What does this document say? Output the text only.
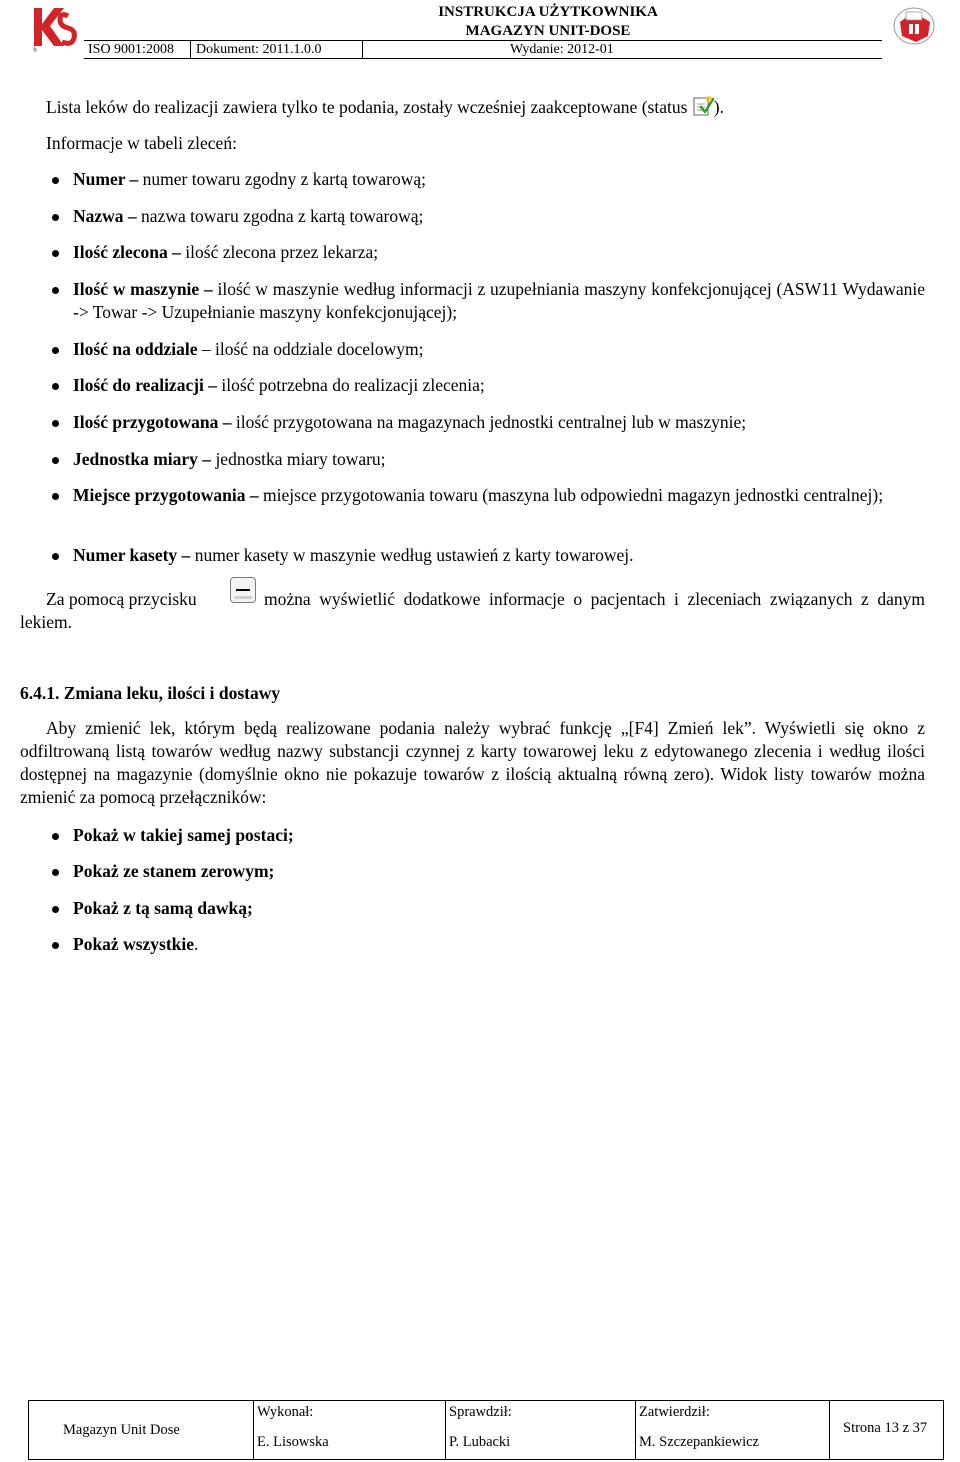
®
INSTRUKCJA UŻYTKOWNIKA
MAGAZYN UNIT-DOSE
ISO 9001:2008 Dokument: 2011.1.0.0	Wydanie: 2012-01
Lista leków do realizacji zawiera tylko te podania, zostały wcześniej zaakceptowane (status ).
Informacje w tabeli zleceń:
Numer – numer towaru zgodny z kartą towarową;
Nazwa – nazwa towaru zgodna z kartą towarową;
Ilość zlecona – ilość zlecona przez lekarza;
Ilość w maszynie – ilość w maszynie według informacji z uzupełniania maszyny konfekcjonującej (ASW11 Wydawanie -> Towar -> Uzupełnianie maszyny konfekcjonującej);
Ilość na oddziale – ilość na oddziale docelowym;
Ilość do realizacji – ilość potrzebna do realizacji zlecenia;
Ilość przygotowana – ilość przygotowana na magazynach jednostki centralnej lub w maszynie;
Jednostka miary – jednostka miary towaru;
Miejsce przygotowania – miejsce przygotowania towaru (maszyna lub odpowiedni magazyn jednostki centralnej);
Numer kasety – numer kasety w maszynie według ustawień z karty towarowej.
Za pomocą przycisku	można wyświetlić dodatkowe informacje o pacjentach i zleceniach związanych z danym lekiem.
6.4.1. Zmiana leku, ilości i dostawy
Aby zmienić lek, którym będą realizowane podania należy wybrać funkcję „[F4] Zmień lek”. Wyświetli się okno z odfiltrowaną listą towarów według nazwy substancji czynnej z karty towarowej leku z edytowanego zlecenia i według ilości dostępnej na magazynie (domyślnie okno nie pokazuje towarów z ilością aktualną równą zero). Widok listy towarów można zmienić za pomocą przełączników:
Pokaż w takiej samej postaci;
Pokaż ze stanem zerowym;
Pokaż z tą samą dawką;
Pokaż wszystkie.
Magazyn Unit Dose
Wykonał:
E. Lisowska
Sprawdził:
P. Lubacki
Zatwierdził:
M. Szczepankiewicz
Strona 13 z 37
